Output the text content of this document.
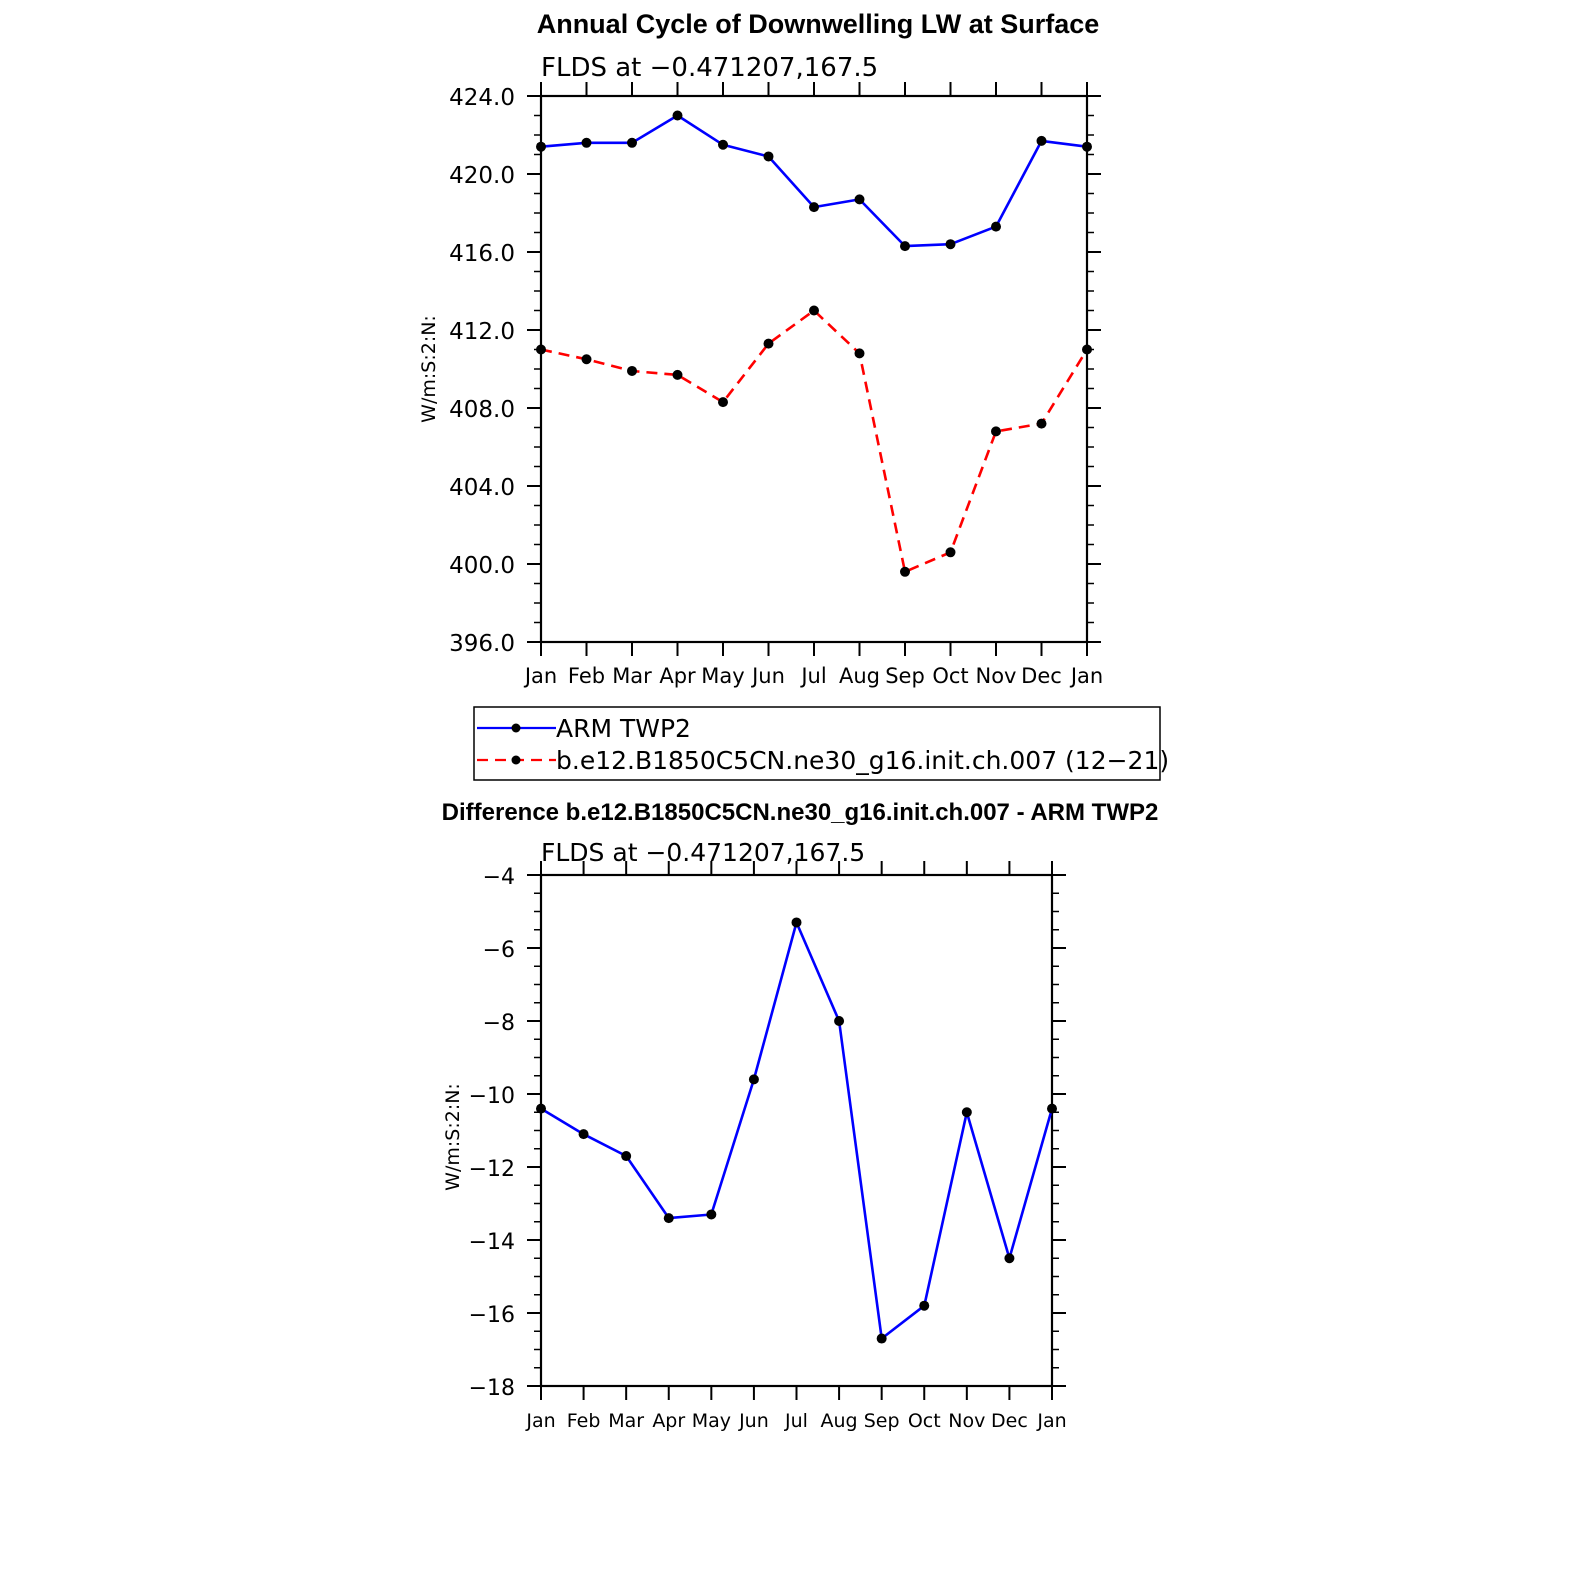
Annual Cycle of Downwelling LW at Surface
FLDS at −0.471207,167.5
Jan Feb Mar Apr May Jun Jul Aug Sep Oct Nov Dec Jan
396.0
400.0
404.0
408.0
412.0
416.0
420.0
424.0
W/m:S:2:N:
ARM TWP2
b.e12.B1850C5CN.ne30_g16.init.ch.007 (12−21)
Difference b.e12.B1850C5CN.ne30_g16.init.ch.007 - ARM TWP2
FLDS at −0.471207,167.5
Jan Feb Mar Apr May Jun Jul Aug Sep Oct Nov Dec Jan
−18
−16
−14
−12
−10
−8
−6
−4
W/m:S:2:N:
